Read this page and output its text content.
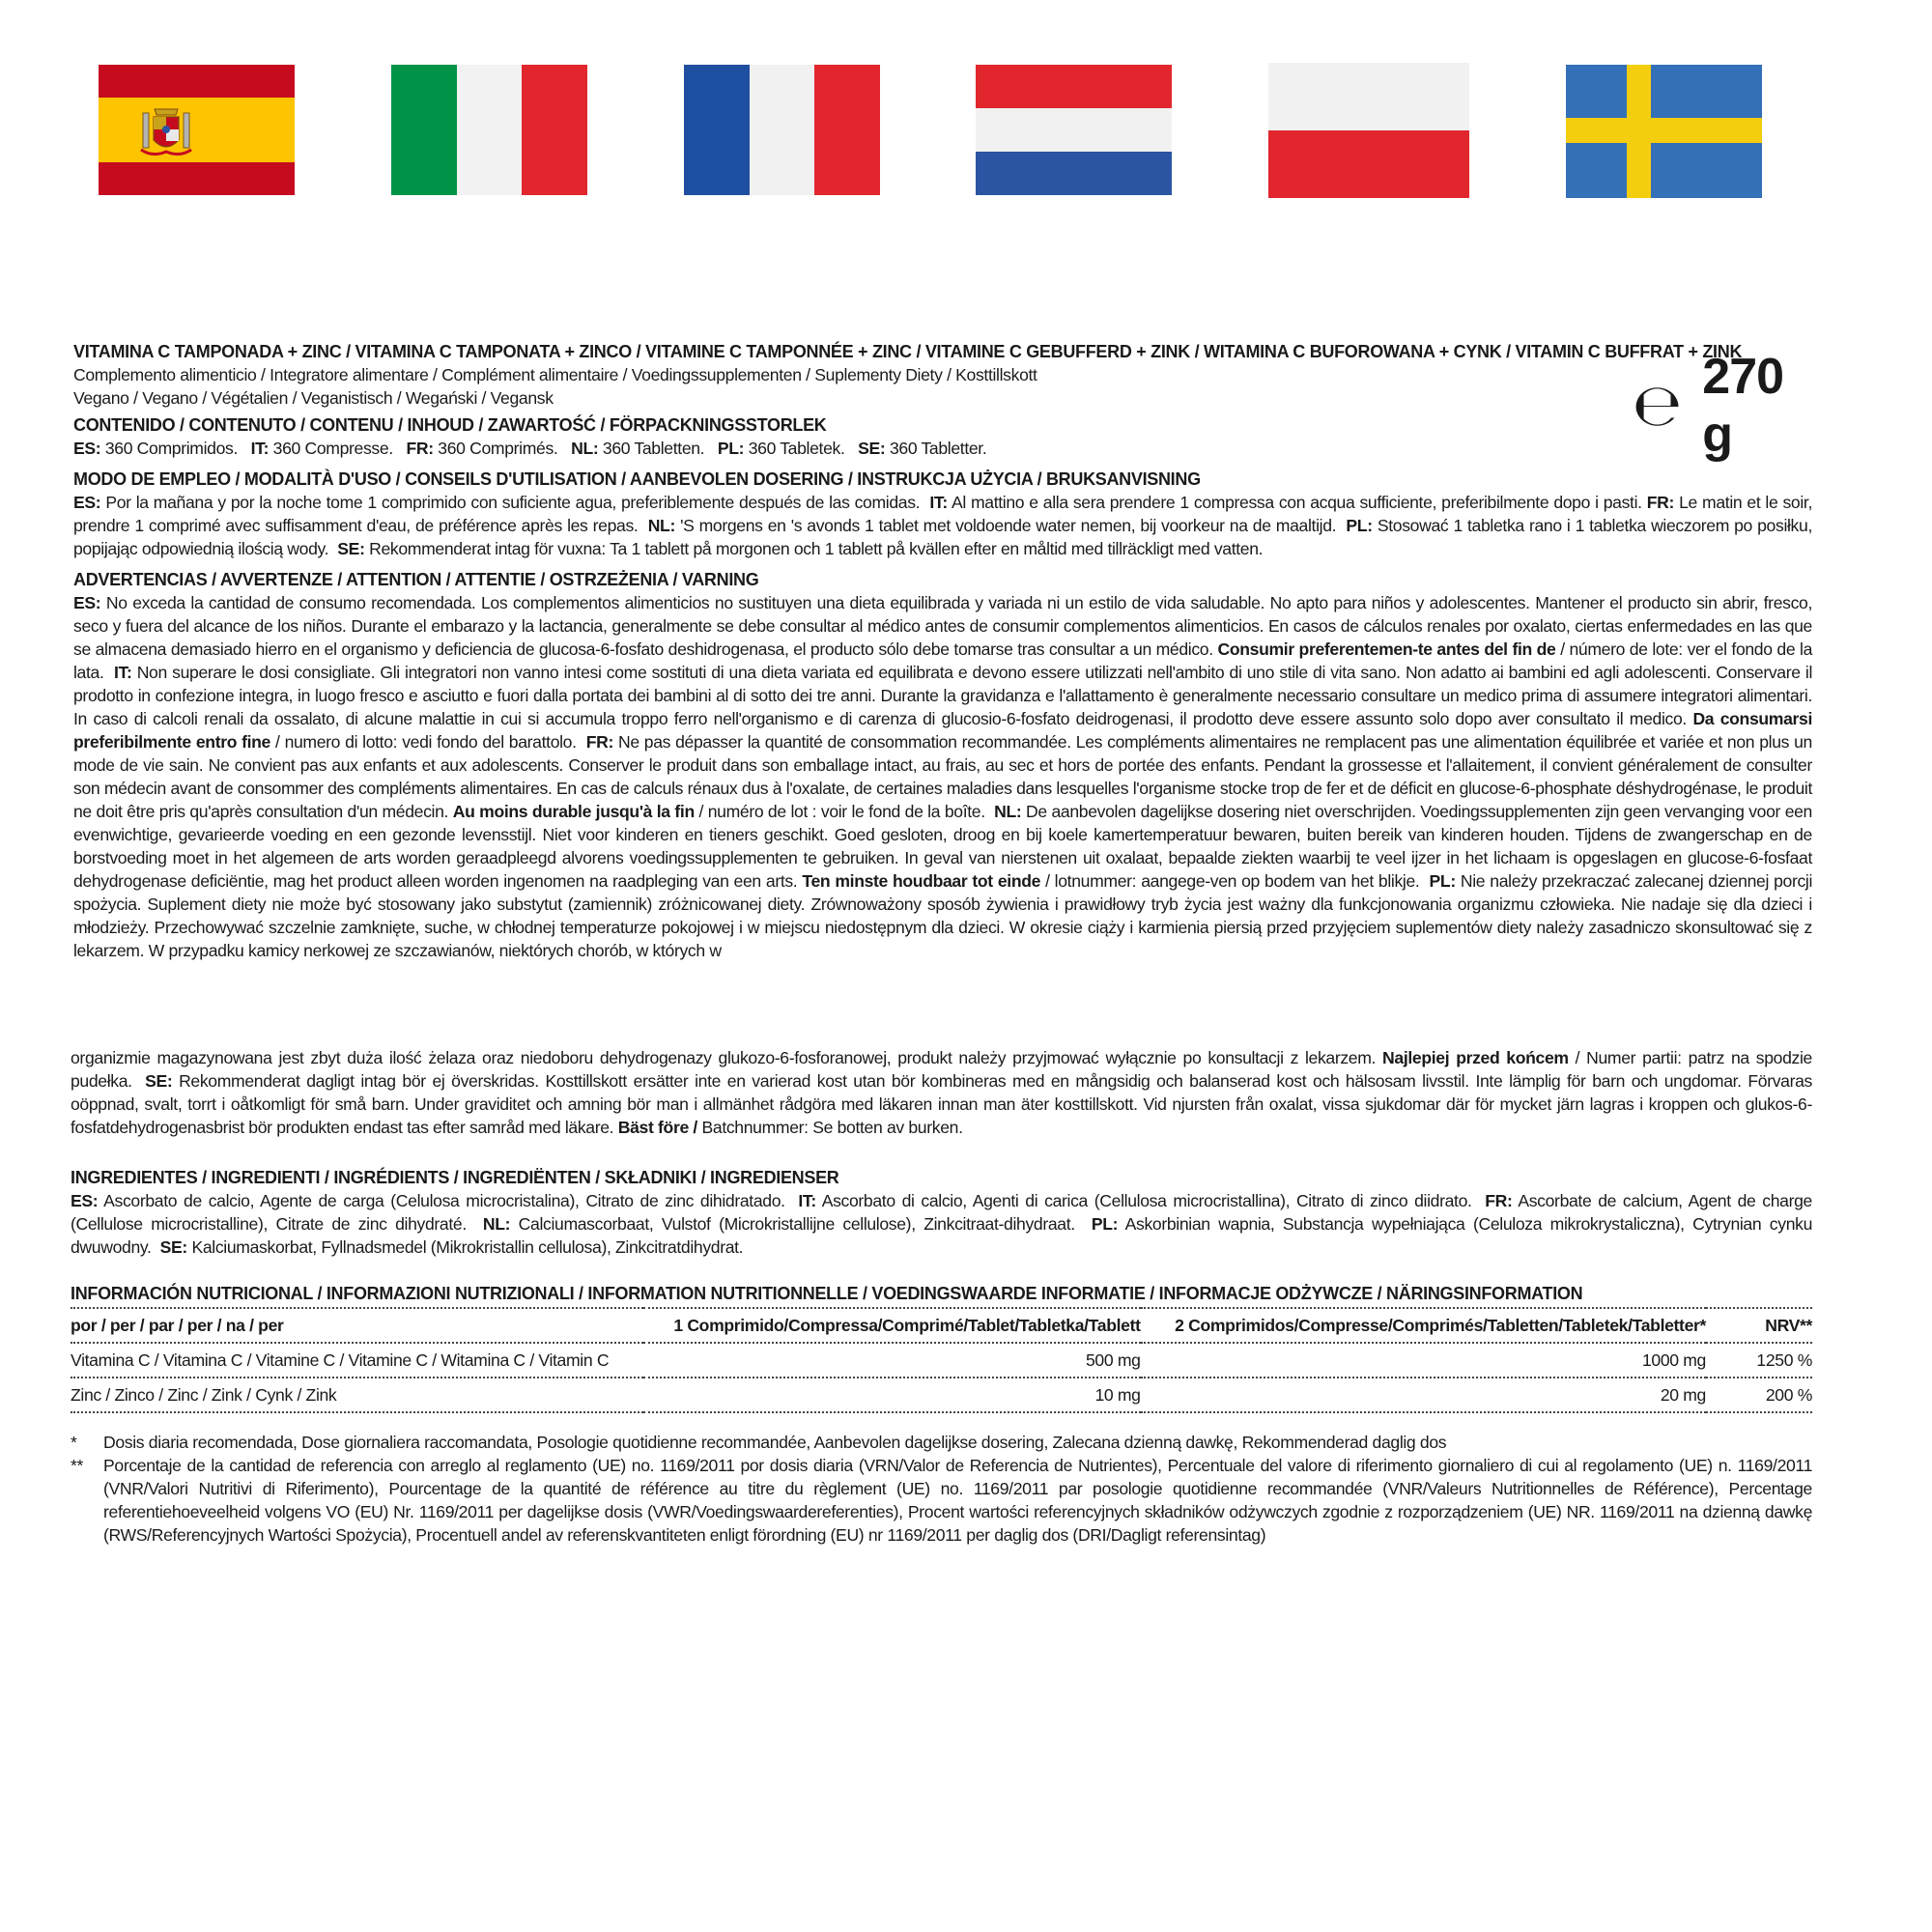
℮ 270 g

VITAMINA C TAMPONADA + ZINC / VITAMINA C TAMPONATA + ZINCO / VITAMINE C TAMPONNÉE + ZINC / VITAMINE C GEBUFFERD + ZINK / WITAMINA C BUFOROWANA + CYNK / VITAMIN C BUFFRAT + ZINK

Complemento alimenticio / Integratore alimentare / Complément alimentaire / Voedingssupplementen / Suplementy Diety / Kosttillskott

Vegano / Vegano / Végétalien / Veganistisch / Wegański / Vegansk

CONTENIDO / CONTENUTO / CONTENU / INHOUD / ZAWARTOŚĆ / FÖRPACKNINGSSTORLEK

ES: 360 Comprimidos. IT: 360 Compresse. FR: 360 Comprimés. NL: 360 Tabletten. PL: 360 Tabletek. SE: 360 Tabletter.

MODO DE EMPLEO / MODALITÀ D'USO / CONSEILS D'UTILISATION / AANBEVOLEN DOSERING / INSTRUKCJA UŻYCIA / BRUKSANVISNING

ES: Por la mañana y por la noche tome 1 comprimido con suficiente agua, preferiblemente después de las comidas. IT: Al mattino e alla sera prendere 1 compressa con acqua sufficiente, preferibilmente dopo i pasti. FR: Le matin et le soir, prendre 1 comprimé avec suffisamment d'eau, de préférence après les repas. NL: 'S morgens en 's avonds 1 tablet met voldoende water nemen, bij voorkeur na de maaltijd. PL: Stosować 1 tabletka rano i 1 tabletka wieczorem po posiłku, popijając odpowiednią ilością wody. SE: Rekommenderat intag för vuxna: Ta 1 tablett på morgonen och 1 tablett på kvällen efter en måltid med tillräckligt med vatten.

ADVERTENCIAS / AVVERTENZE / ATTENTION / ATTENTIE / OSTRZEŻENIA / VARNING

ES: No exceda la cantidad de consumo recomendada. Los complementos alimenticios no sustituyen una dieta equilibrada y variada ni un estilo de vida saludable. No apto para niños y adolescentes. Mantener el producto sin abrir, fresco, seco y fuera del alcance de los niños. Durante el embarazo y la lactancia, generalmente se debe consultar al médico antes de consumir complementos alimenticios. En casos de cálculos renales por oxalato, ciertas enfermedades en las que se almacena demasiado hierro en el organismo y deficiencia de glucosa-6-fosfato deshidrogenasa, el producto sólo debe tomarse tras consultar a un médico. Consumir preferentemen-te antes del fin de / número de lote: ver el fondo de la lata. IT: Non superare le dosi consigliate. Gli integratori non vanno intesi come sostituti di una dieta variata ed equilibrata e devono essere utilizzati nell'ambito di uno stile di vita sano. Non adatto ai bambini ed agli adolescenti. Conservare il prodotto in confezione integra, in luogo fresco e asciutto e fuori dalla portata dei bambini al di sotto dei tre anni. Durante la gravidanza e l'allattamento è generalmente necessario consultare un medico prima di assumere integratori alimentari. In caso di calcoli renali da ossalato, di alcune malattie in cui si accumula troppo ferro nell'organismo e di carenza di glucosio-6-fosfato deidrogenasi, il prodotto deve essere assunto solo dopo aver consultato il medico. Da consumarsi preferibilmente entro fine / numero di lotto: vedi fondo del barattolo. FR: Ne pas dépasser la quantité de consommation recommandée. Les compléments alimentaires ne remplacent pas une alimentation équilibrée et variée et non plus un mode de vie sain. Ne convient pas aux enfants et aux adolescents. Conserver le produit dans son emballage intact, au frais, au sec et hors de portée des enfants. Pendant la grossesse et l'allaitement, il convient généralement de consulter son médecin avant de consommer des compléments alimentaires. En cas de calculs rénaux dus à l'oxalate, de certaines maladies dans lesquelles l'organisme stocke trop de fer et de déficit en glucose-6-phosphate déshydrogénase, le produit ne doit être pris qu'après consultation d'un médecin. Au moins durable jusqu'à la fin / numéro de lot : voir le fond de la boîte. NL: De aanbevolen dagelijkse dosering niet overschrijden. Voedingssupplementen zijn geen vervanging voor een evenwichtige, gevarieerde voeding en een gezonde levensstijl. Niet voor kinderen en tieners geschikt. Goed gesloten, droog en bij koele kamertemperatuur bewaren, buiten bereik van kinderen houden. Tijdens de zwangerschap en de borstvoeding moet in het algemeen de arts worden geraadpleegd alvorens voedingssupplementen te gebruiken. In geval van nierstenen uit oxalaat, bepaalde ziekten waarbij te veel ijzer in het lichaam is opgeslagen en glucose-6-fosfaat dehydrogenase deficiëntie, mag het product alleen worden ingenomen na raadpleging van een arts. Ten minste houdbaar tot einde / lotnummer: aangege-ven op bodem van het blikje. PL: Nie należy przekraczać zalecanej dziennej porcji spożycia. Suplement diety nie może być stosowany jako substytut (zamiennik) zróżnicowanej diety. Zrównoważony sposób żywienia i prawidłowy tryb życia jest ważny dla funkcjonowania organizmu człowieka. Nie nadaje się dla dzieci i młodzieży. Przechowywać szczelnie zamknięte, suche, w chłodnej temperaturze pokojowej i w miejscu niedostępnym dla dzieci. W okresie ciąży i karmienia piersią przed przyjęciem suplementów diety należy zasadniczo skonsultować się z lekarzem. W przypadku kamicy nerkowej ze szczawianów, niektórych chorób, w których w

organizmie magazynowana jest zbyt duża ilość żelaza oraz niedoboru dehydrogenazy glukozo-6-fosforanowej, produkt należy przyjmować wyłącznie po konsultacji z lekarzem. Najlepiej przed końcem / Numer partii: patrz na spodzie pudełka. SE: Rekommenderat dagligt intag bör ej överskridas. Kosttillskott ersätter inte en varierad kost utan bör kombineras med en mångsidig och balanserad kost och hälsosam livsstil. Inte lämplig för barn och ungdomar. Förvaras oöppnad, svalt, torrt i oåtkomligt för små barn. Under graviditet och amning bör man i allmänhet rådgöra med läkaren innan man äter kosttillskott. Vid njursten från oxalat, vissa sjukdomar där för mycket järn lagras i kroppen och glukos-6-fosfatdehydrogenasbrist bör produkten endast tas efter samråd med läkare. Bäst före / Batchnummer: Se botten av burken.

INGREDIENTES / INGREDIENTI / INGRÉDIENTS / INGREDIËNTEN / SKŁADNIKI / INGREDIENSER

ES: Ascorbato de calcio, Agente de carga (Celulosa microcristalina), Citrato de zinc dihidratado. IT: Ascorbato di calcio, Agenti di carica (Cellulosa microcristallina), Citrato di zinco diidrato. FR: Ascorbate de calcium, Agent de charge (Cellulose microcristalline), Citrate de zinc dihydraté. NL: Calciumascorbaat, Vulstof (Microkristallijne cellulose), Zinkcitraat-dihydraat. PL: Askorbinian wapnia, Substancja wypełniająca (Celuloza mikrokrystaliczna), Cytrynian cynku dwuwodny. SE: Kalciumaskorbat, Fyllnadsmedel (Mikrokristallin cellulosa), Zinkcitratdihydrat.

INFORMACIÓN NUTRICIONAL / INFORMAZIONI NUTRIZIONALI / INFORMATION NUTRITIONNELLE / VOEDINGSWAARDE INFORMATIE / INFORMACJE ODŻYWCZE / NÄRINGSINFORMATION

por / per / par / per / na / per	1 Comprimido/Compressa/Comprimé/Tablet/Tabletka/Tablett	2 Comprimidos/Compresse/Comprimés/Tabletten/Tabletek/Tabletter*	NRV**
Vitamina C / Vitamina C / Vitamine C / Vitamine C / Witamina C / Vitamin C	500 mg	1000 mg	1250 %
Zinc / Zinco / Zinc / Zink / Cynk / Zink	10 mg	20 mg	200 %
*	Dosis diaria recomendada, Dose giornaliera raccomandata, Posologie quotidienne recommandée, Aanbevolen dagelijkse dosering, Zalecana dzienną dawkę, Rekommenderad daglig dos
**	Porcentaje de la cantidad de referencia con arreglo al reglamento (UE) no. 1169/2011 por dosis diaria (VRN/Valor de Referencia de Nutrientes), Percentuale del valore di riferimento giornaliero di cui al regolamento (UE) n. 1169/2011 (VNR/Valori Nutritivi di Riferimento), Pourcentage de la quantité de référence au titre du règlement (UE) no. 1169/2011 par posologie quotidienne recommandée (VNR/Valeurs Nutritionnelles de Référence), Percentage referentiehoeveelheid volgens VO (EU) Nr. 1169/2011 per dagelijkse dosis (VWR/Voedingswaardereferenties), Procent wartości referencyjnych składników odżywczych zgodnie z rozporządzeniem (UE) NR. 1169/2011 na dzienną dawkę (RWS/Referencyjnych Wartości Spożycia), Procentuell andel av referenskvantiteten enligt förordning (EU) nr 1169/2011 per daglig dos (DRI/Dagligt referensintag)
